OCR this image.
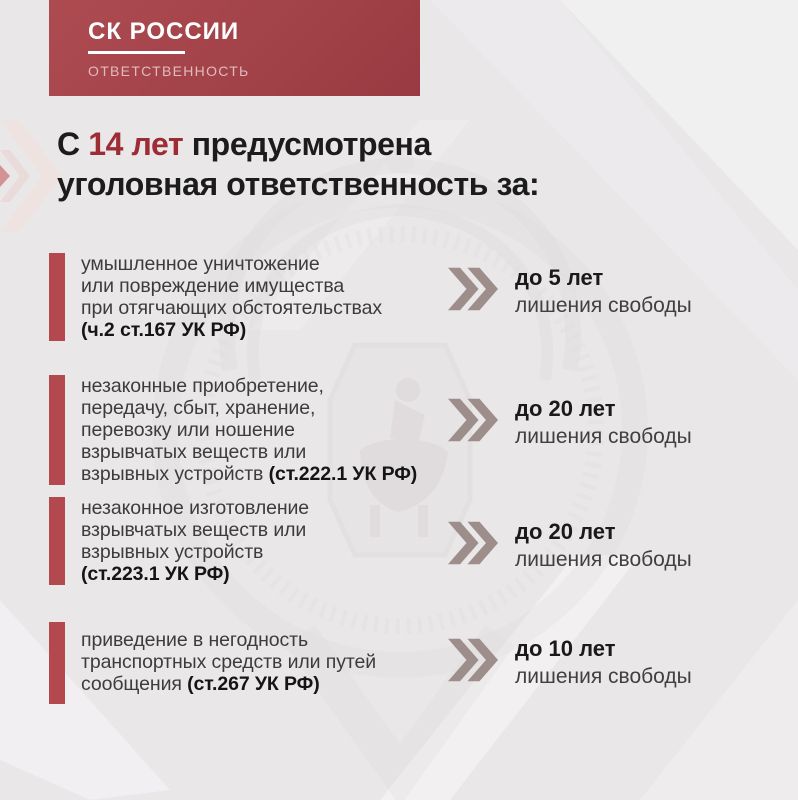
СК РОССИИ
ОТВЕТСТВЕННОСТЬ
С 14 лет предусмотрена
уголовная ответственность за:
умышленное уничтожение
или повреждение имущества
при отягчающих обстоятельствах
(ч.2 ст.167 УК РФ)
до 5 лет
лишения свободы
незаконные приобретение,
передачу, сбыт, хранение,
перевозку или ношение
взрывчатых веществ или
взрывных устройств (ст.222.1 УК РФ)
до 20 лет
лишения свободы
незаконное изготовление
взрывчатых веществ или
взрывных устройств
(ст.223.1 УК РФ)
до 20 лет
лишения свободы
приведение в негодность
транспортных средств или путей
сообщения (ст.267 УК РФ)
до 10 лет
лишения свободы
